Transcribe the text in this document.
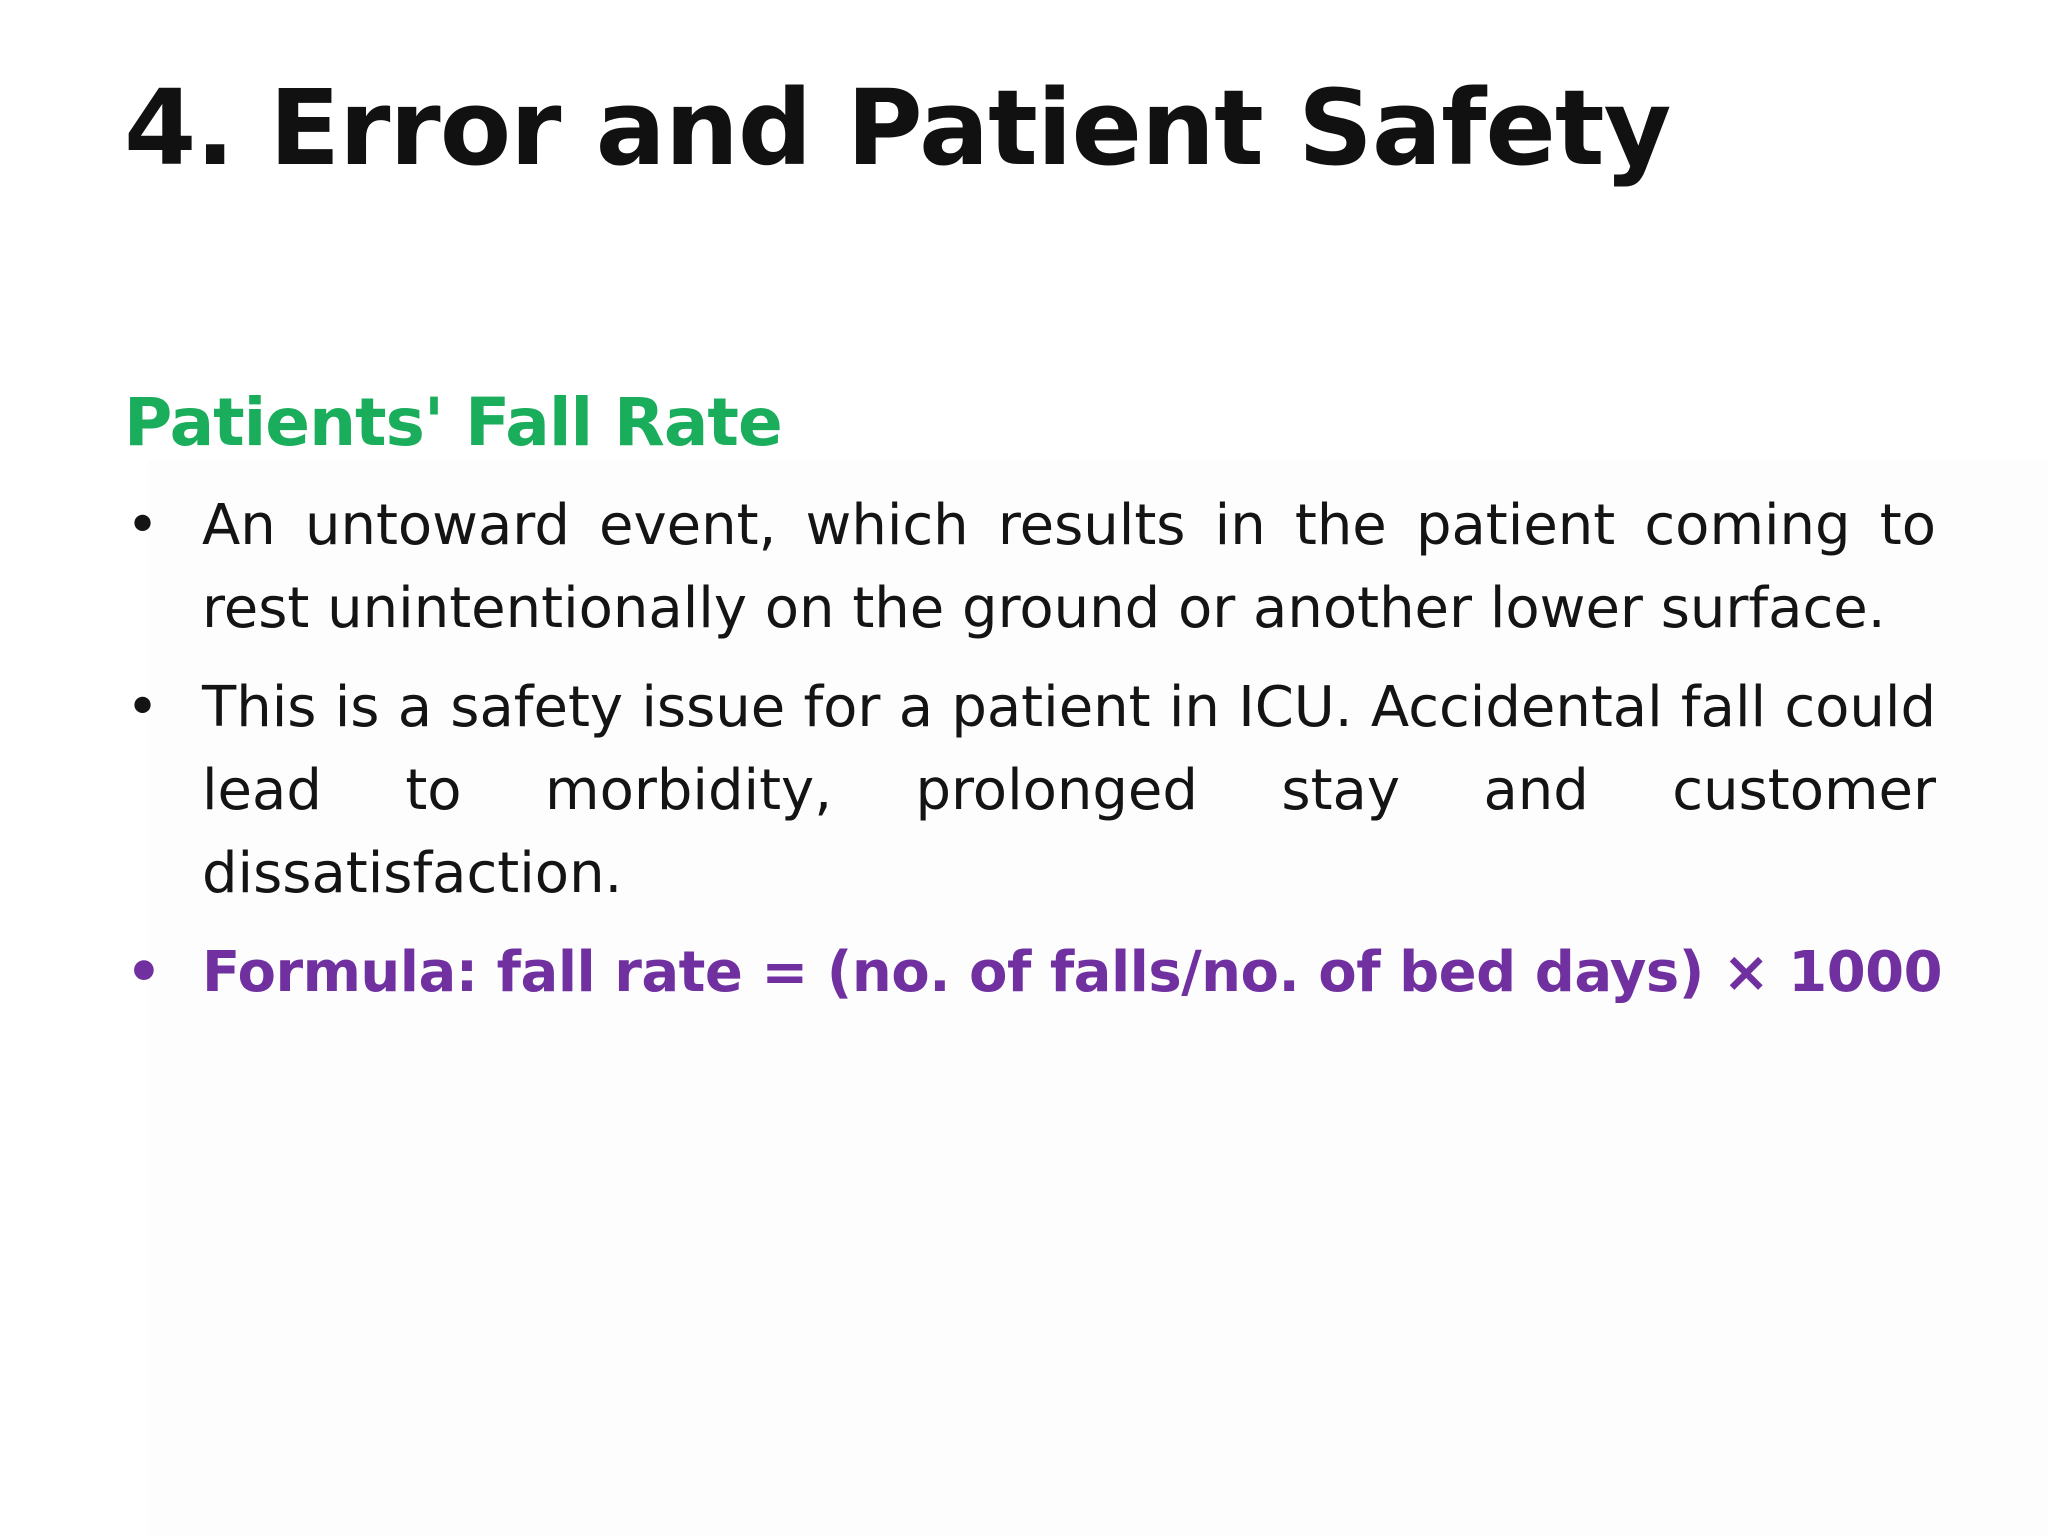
4. Error and Patient Safety
Patients' Fall Rate
• An untoward event, which results in the patient coming to rest unintentionally on the ground or another lower surface.
• This is a safety issue for a patient in ICU. Accidental fall could lead to morbidity, prolonged stay and customer dissatisfaction.
• Formula: fall rate = (no. of falls/no. of bed days) × 1000
